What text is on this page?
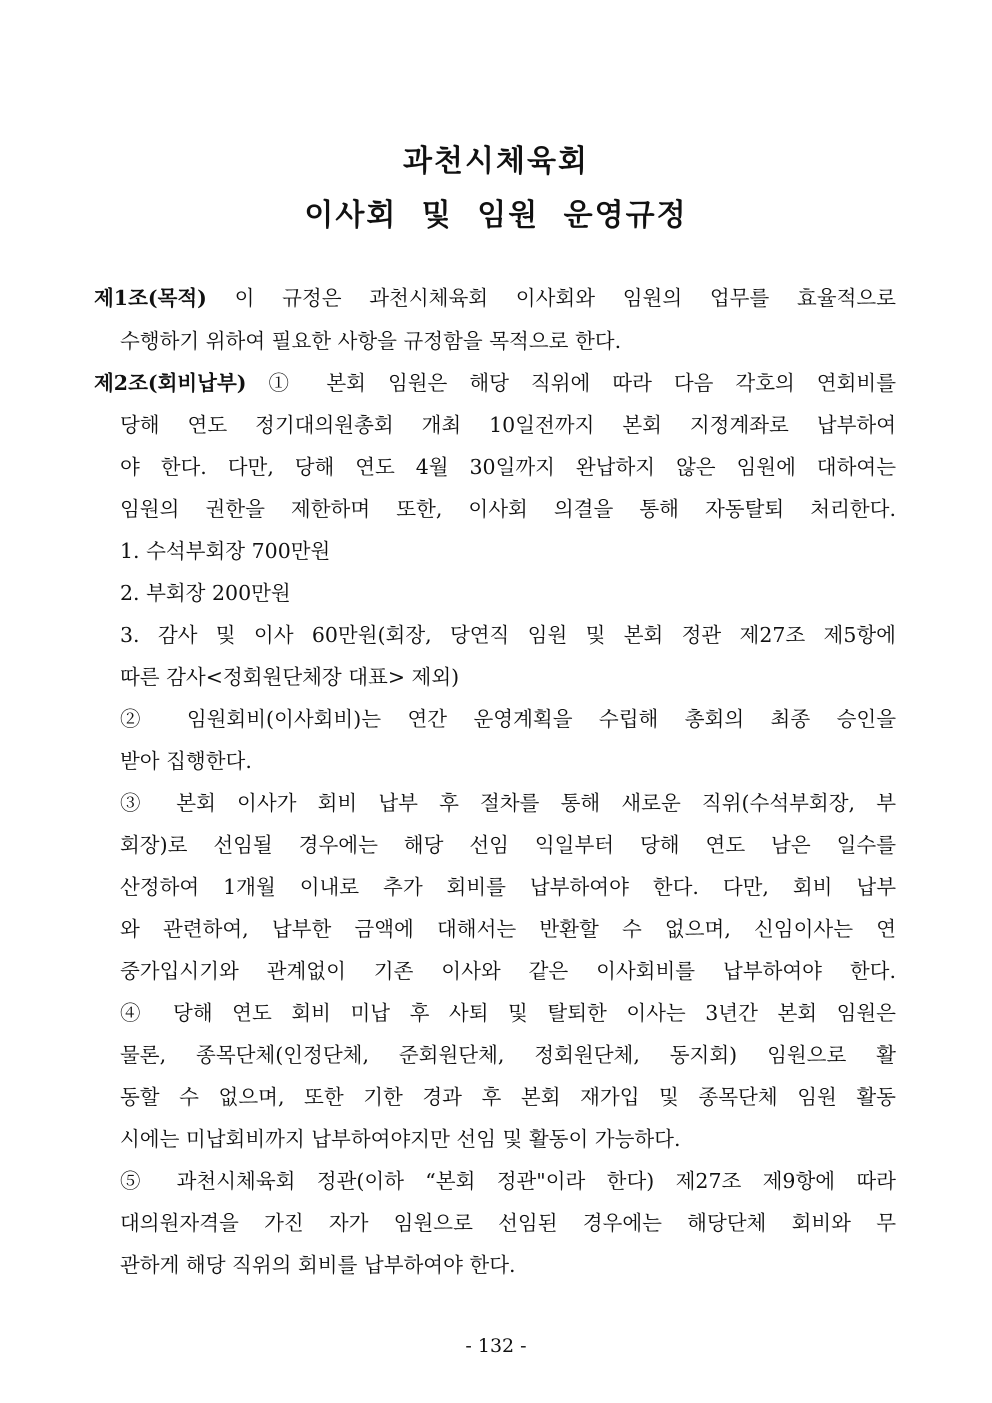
과천시체육회
이사회 및 임원 운영규정
제1조(목적) 이 규정은 과천시체육회 이사회와 임원의 업무를 효율적으로
수행하기 위하여 필요한 사항을 규정함을 목적으로 한다.
제2조(회비납부) ① 본회 임원은 해당 직위에 따라 다음 각호의 연회비를
당해 연도 정기대의원총회 개최 10일전까지 본회 지정계좌로 납부하여
야 한다. 다만, 당해 연도 4월 30일까지 완납하지 않은 임원에 대하여는
임원의 권한을 제한하며 또한, 이사회 의결을 통해 자동탈퇴 처리한다.
1. 수석부회장 700만원
2. 부회장 200만원
3. 감사 및 이사 60만원(회장, 당연직 임원 및 본회 정관 제27조 제5항에
따른 감사<정회원단체장 대표> 제외)
② 임원회비(이사회비)는 연간 운영계획을 수립해 총회의 최종 승인을
받아 집행한다.
③ 본회 이사가 회비 납부 후 절차를 통해 새로운 직위(수석부회장, 부
회장)로 선임될 경우에는 해당 선임 익일부터 당해 연도 남은 일수를
산정하여 1개월 이내로 추가 회비를 납부하여야 한다. 다만, 회비 납부
와 관련하여, 납부한 금액에 대해서는 반환할 수 없으며, 신임이사는 연
중가입시기와 관계없이 기존 이사와 같은 이사회비를 납부하여야 한다.
④ 당해 연도 회비 미납 후 사퇴 및 탈퇴한 이사는 3년간 본회 임원은
물론, 종목단체(인정단체, 준회원단체, 정회원단체, 동지회) 임원으로 활
동할 수 없으며, 또한 기한 경과 후 본회 재가입 및 종목단체 임원 활동
시에는 미납회비까지 납부하여야지만 선임 및 활동이 가능하다.
⑤ 과천시체육회 정관(이하 “본회 정관"이라 한다) 제27조 제9항에 따라
대의원자격을 가진 자가 임원으로 선임된 경우에는 해당단체 회비와 무
관하게 해당 직위의 회비를 납부하여야 한다.
- 132 -
